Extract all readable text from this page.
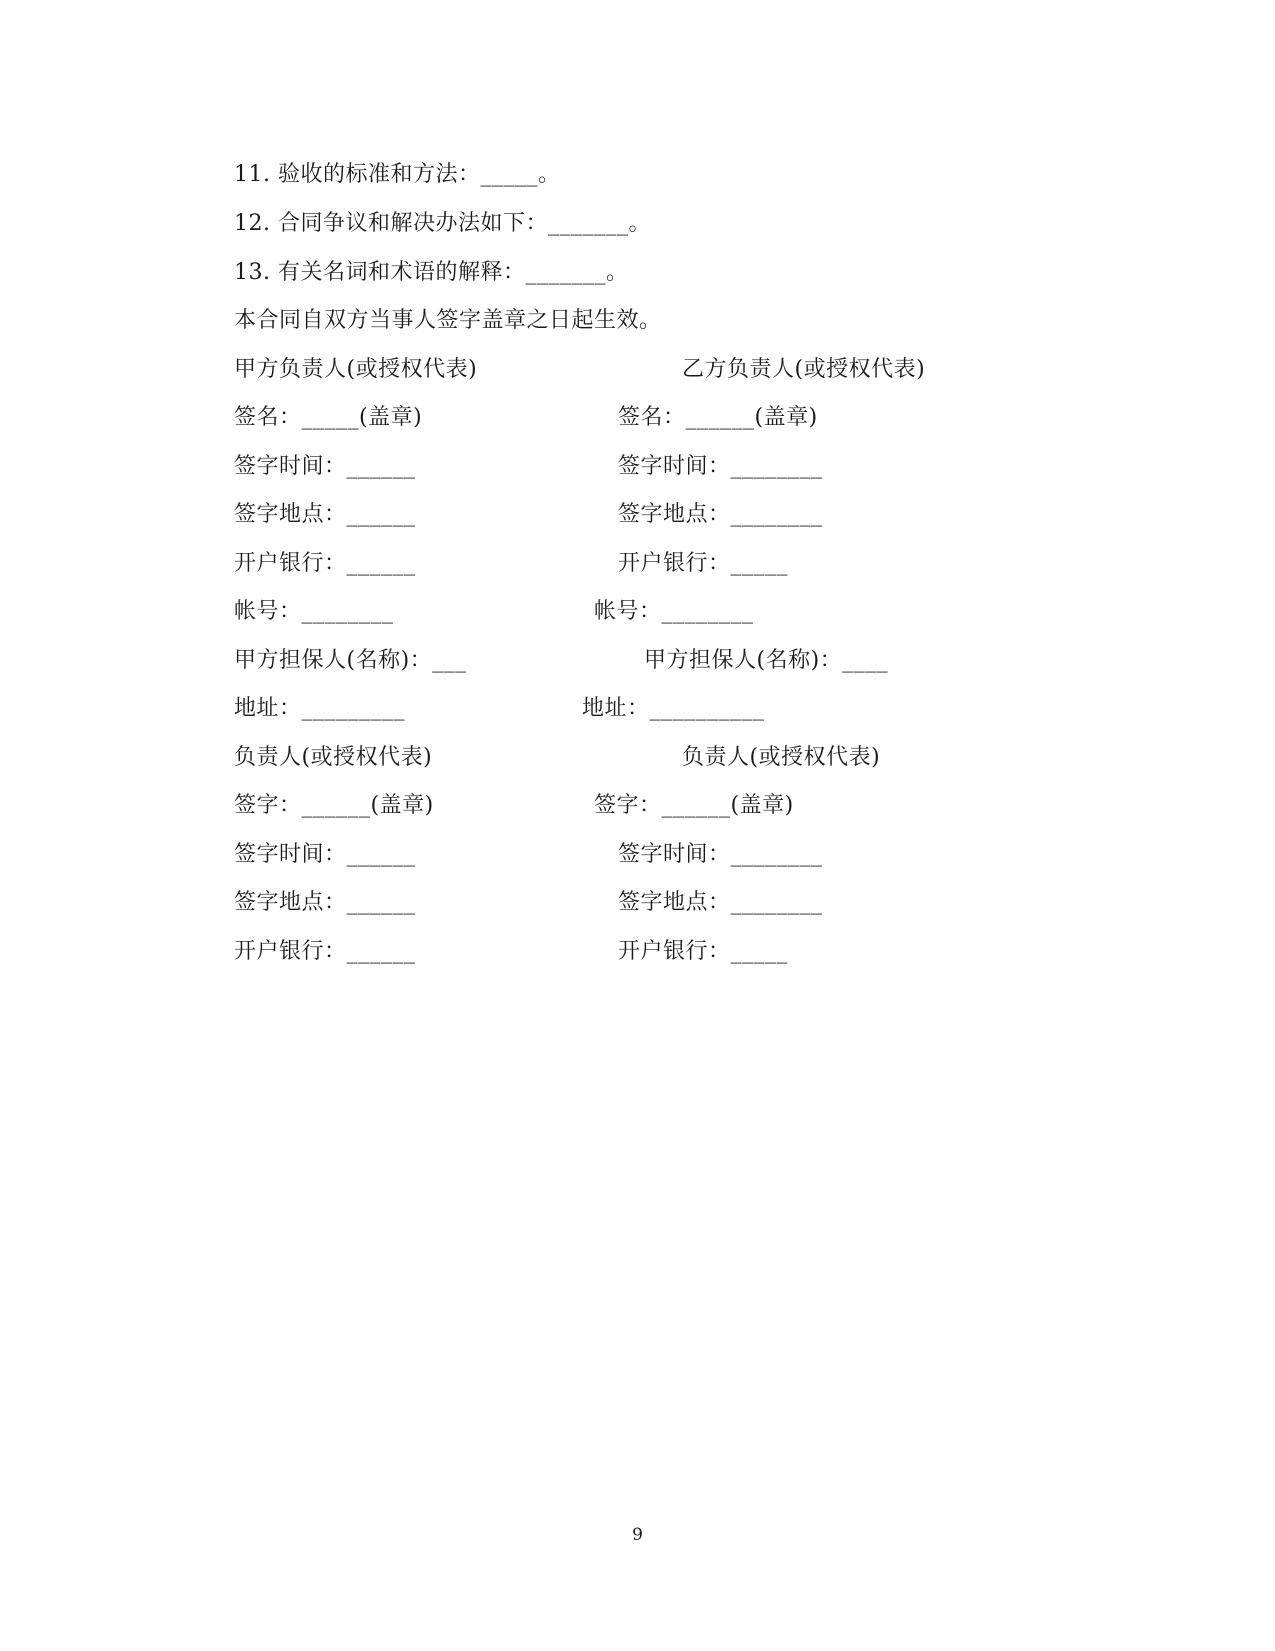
11. 验收的标准和方法：_____。
12. 合同争议和解决办法如下：_______。
13. 有关名词和术语的解释：_______。
本合同自双方当事人签字盖章之日起生效。
甲方负责人(或授权代表)
签名：_____(盖章)
签字时间：______
签字地点：______
开户银行：______
帐号：________
甲方担保人(名称)：___
地址：_________
负责人(或授权代表)
签字：______(盖章)
签字时间：______
签字地点：______
开户银行：______
乙方负责人(或授权代表)
签名：______(盖章)
签字时间：________
签字地点：________
开户银行：_____
帐号：________
甲方担保人(名称)：____
地址：__________
负责人(或授权代表)
签字：______(盖章)
签字时间：________
签字地点：________
开户银行：_____
9
